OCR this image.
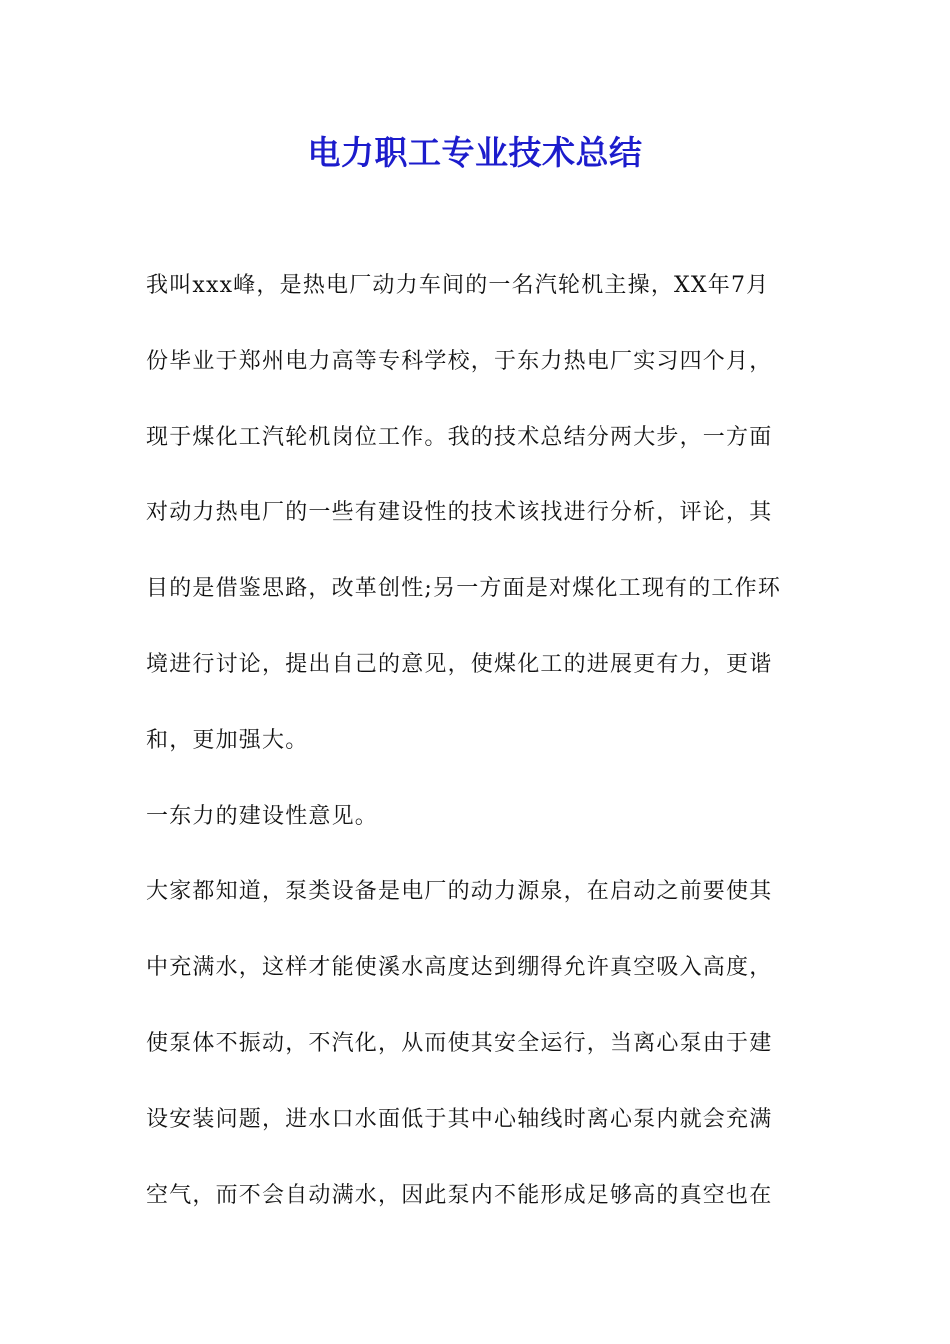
电力职工专业技术总结
我叫xxx峰，是热电厂动力车间的一名汽轮机主操，XX年7月
份毕业于郑州电力高等专科学校，于东力热电厂实习四个月，
现于煤化工汽轮机岗位工作。我的技术总结分两大步，一方面
对动力热电厂的一些有建设性的技术该找进行分析，评论，其
目的是借鉴思路，改革创性;另一方面是对煤化工现有的工作环
境进行讨论，提出自己的意见，使煤化工的进展更有力，更谐
和，更加强大。
一东力的建设性意见。
大家都知道，泵类设备是电厂的动力源泉，在启动之前要使其
中充满水，这样才能使溪水高度达到绷得允许真空吸入高度，
使泵体不振动，不汽化，从而使其安全运行，当离心泵由于建
设安装问题，进水口水面低于其中心轴线时离心泵内就会充满
空气，而不会自动满水，因此泵内不能形成足够高的真空也在
